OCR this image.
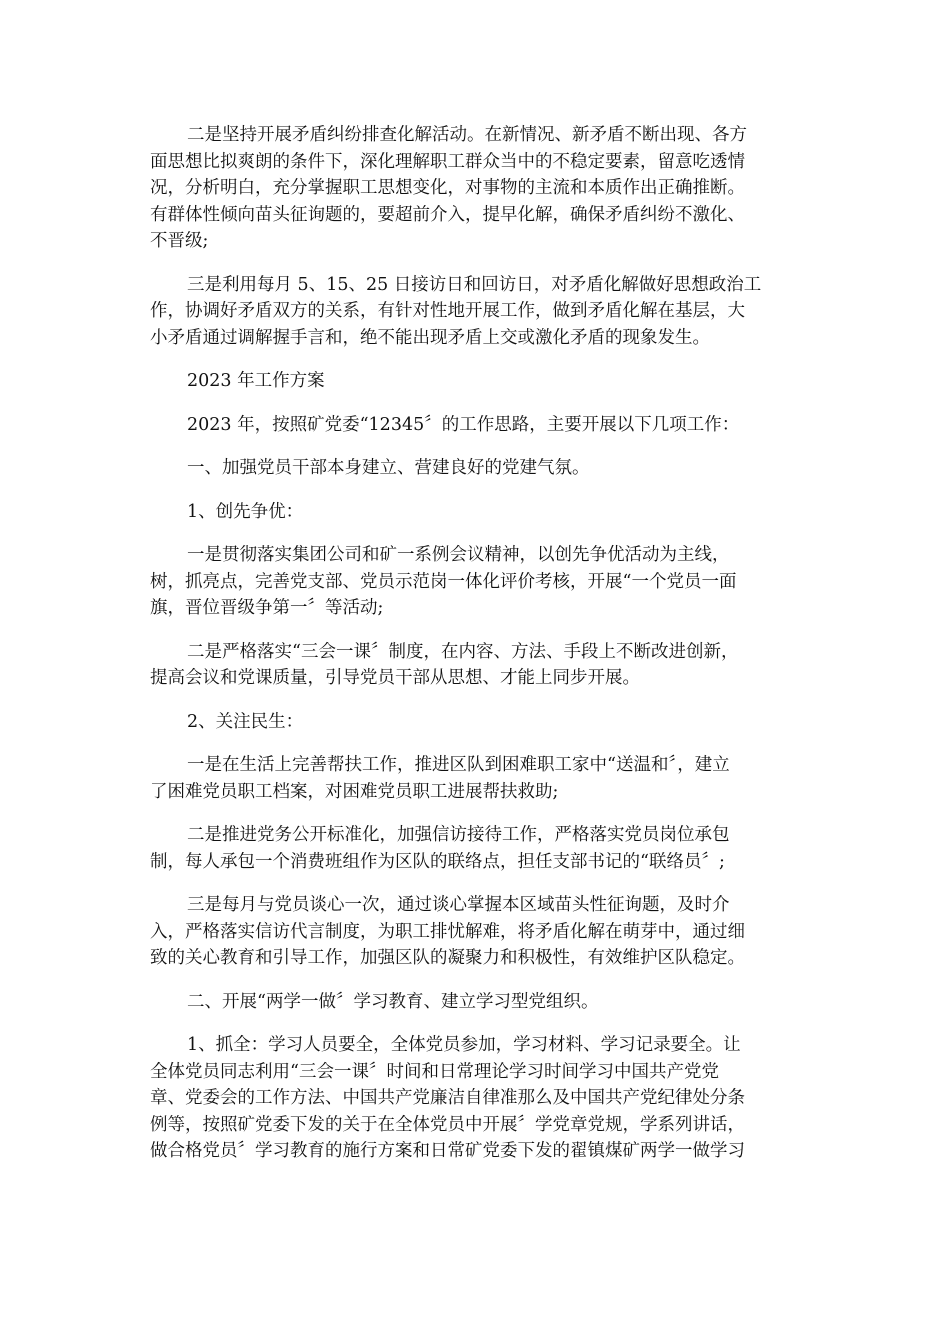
二是坚持开展矛盾纠纷排查化解活动。在新情况、新矛盾不断出现、各方
面思想比拟爽朗的条件下，深化理解职工群众当中的不稳定要素，留意吃透情
况，分析明白，充分掌握职工思想变化，对事物的主流和本质作出正确推断。
有群体性倾向苗头征询题的，要超前介入，提早化解，确保矛盾纠纷不激化、
不晋级;

三是利用每月 5、15、25 日接访日和回访日，对矛盾化解做好思想政治工
作，协调好矛盾双方的关系，有针对性地开展工作，做到矛盾化解在基层，大
小矛盾通过调解握手言和，绝不能出现矛盾上交或激化矛盾的现象发生。

2023 年工作方案

2023 年，按照矿党委“12345〞的工作思路，主要开展以下几项工作：

一、加强党员干部本身建立、营建良好的党建气氛。

1、创先争优：

一是贯彻落实集团公司和矿一系例会议精神，以创先争优活动为主线，
树，抓亮点，完善党支部、党员示范岗一体化评价考核，开展“一个党员一面
旗，晋位晋级争第一〞等活动;

二是严格落实“三会一课〞制度，在内容、方法、手段上不断改进创新，
提高会议和党课质量，引导党员干部从思想、才能上同步开展。

2、关注民生：

一是在生活上完善帮扶工作，推进区队到困难职工家中“送温和〞，建立
了困难党员职工档案，对困难党员职工进展帮扶救助;

二是推进党务公开标准化，加强信访接待工作，严格落实党员岗位承包
制，每人承包一个消费班组作为区队的联络点，担任支部书记的“联络员〞;

三是每月与党员谈心一次，通过谈心掌握本区域苗头性征询题，及时介
入，严格落实信访代言制度，为职工排忧解难，将矛盾化解在萌芽中，通过细
致的关心教育和引导工作，加强区队的凝聚力和积极性，有效维护区队稳定。

二、开展“两学一做〞学习教育、建立学习型党组织。

1、抓全：学习人员要全，全体党员参加，学习材料、学习记录要全。让
全体党员同志利用“三会一课〞时间和日常理论学习时间学习中国共产党党
章、党委会的工作方法、中国共产党廉洁自律准那么及中国共产党纪律处分条
例等，按照矿党委下发的关于在全体党员中开展〞学党章党规，学系列讲话，
做合格党员〞学习教育的施行方案和日常矿党委下发的翟镇煤矿两学一做学习
